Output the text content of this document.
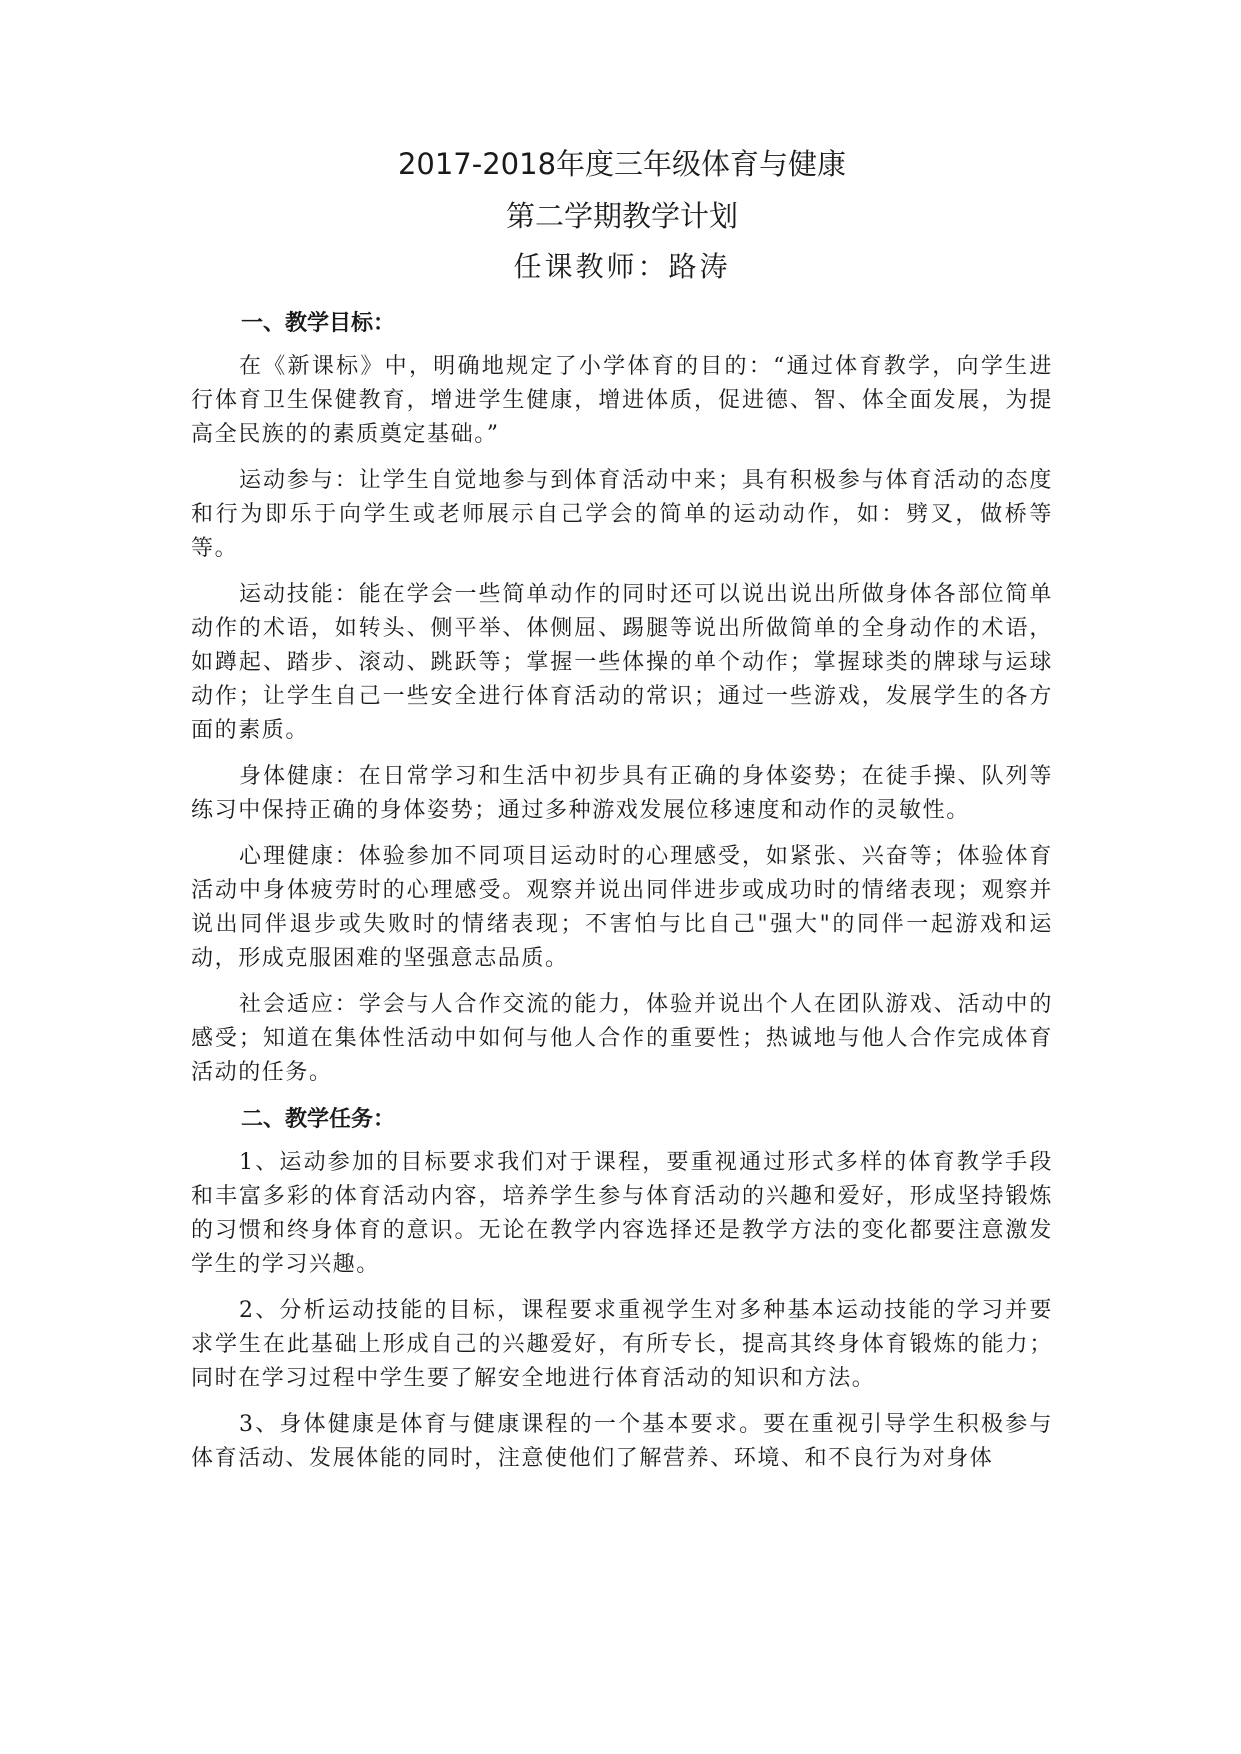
2017-2018年度三年级体育与健康
第二学期教学计划
任课教师：路涛
一、教学目标：

在《新课标》中，明确地规定了小学体育的目的：“通过体育教学，向学生进行体育卫生保健教育，增进学生健康，增进体质，促进德、智、体全面发展，为提高全民族的的素质奠定基础。”

运动参与：让学生自觉地参与到体育活动中来；具有积极参与体育活动的态度和行为即乐于向学生或老师展示自己学会的简单的运动动作，如：劈叉，做桥等等。

运动技能：能在学会一些简单动作的同时还可以说出说出所做身体各部位简单动作的术语，如转头、侧平举、体侧屈、踢腿等说出所做简单的全身动作的术语，如蹲起、踏步、滚动、跳跃等；掌握一些体操的单个动作；掌握球类的牌球与运球动作；让学生自己一些安全进行体育活动的常识；通过一些游戏，发展学生的各方面的素质。

身体健康：在日常学习和生活中初步具有正确的身体姿势；在徒手操、队列等练习中保持正确的身体姿势；通过多种游戏发展位移速度和动作的灵敏性。

心理健康：体验参加不同项目运动时的心理感受，如紧张、兴奋等；体验体育活动中身体疲劳时的心理感受。观察并说出同伴进步或成功时的情绪表现；观察并说出同伴退步或失败时的情绪表现；不害怕与比自己"强大"的同伴一起游戏和运动，形成克服困难的坚强意志品质。

社会适应：学会与人合作交流的能力，体验并说出个人在团队游戏、活动中的感受；知道在集体性活动中如何与他人合作的重要性；热诚地与他人合作完成体育活动的任务。

二、教学任务：

1、运动参加的目标要求我们对于课程，要重视通过形式多样的体育教学手段和丰富多彩的体育活动内容，培养学生参与体育活动的兴趣和爱好，形成坚持锻炼的习惯和终身体育的意识。无论在教学内容选择还是教学方法的变化都要注意激发学生的学习兴趣。

2、分析运动技能的目标，课程要求重视学生对多种基本运动技能的学习并要求学生在此基础上形成自己的兴趣爱好，有所专长，提高其终身体育锻炼的能力；同时在学习过程中学生要了解安全地进行体育活动的知识和方法。

3、身体健康是体育与健康课程的一个基本要求。要在重视引导学生积极参与体育活动、发展体能的同时，注意使他们了解营养、环境、和不良行为对身体
